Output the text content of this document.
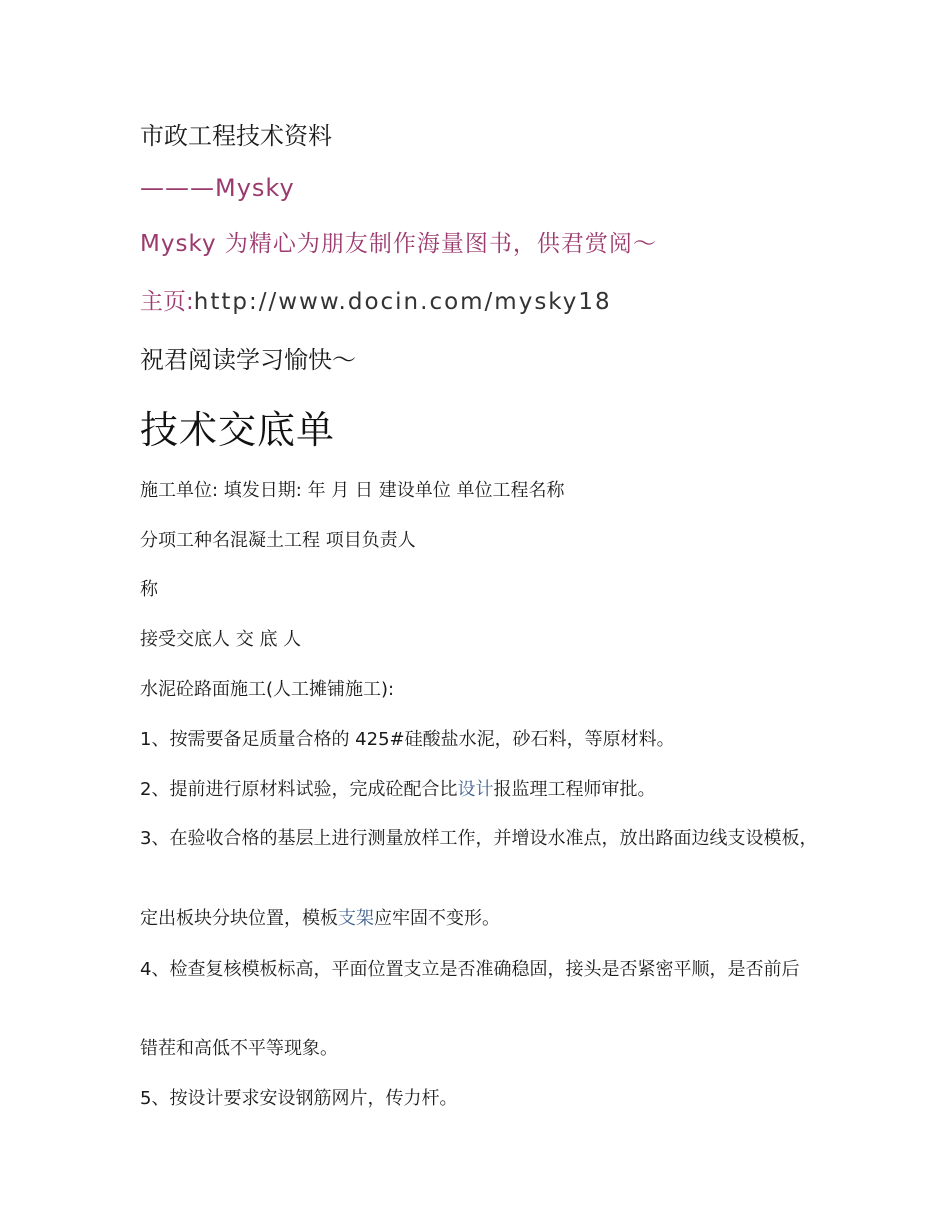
市政工程技术资料
———Mysky
Mysky 为精心为朋友制作海量图书，供君赏阅～
主页:http://www.docin.com/mysky18
祝君阅读学习愉快～
技术交底单
施工单位: 填发日期: 年 月 日 建设单位 单位工程名称
分项工种名混凝土工程 项目负责人
称
接受交底人 交 底 人
水泥砼路面施工(人工摊铺施工):
1、按需要备足质量合格的 425#硅酸盐水泥，砂石料，等原材料。
2、提前进行原材料试验，完成砼配合比设计报监理工程师审批。
3、在验收合格的基层上进行测量放样工作，并增设水准点，放出路面边线支设模板，
定出板块分块位置，模板支架应牢固不变形。
4、检查复核模板标高，平面位置支立是否准确稳固，接头是否紧密平顺，是否前后
错茬和高低不平等现象。
5、按设计要求安设钢筋网片，传力杆。
